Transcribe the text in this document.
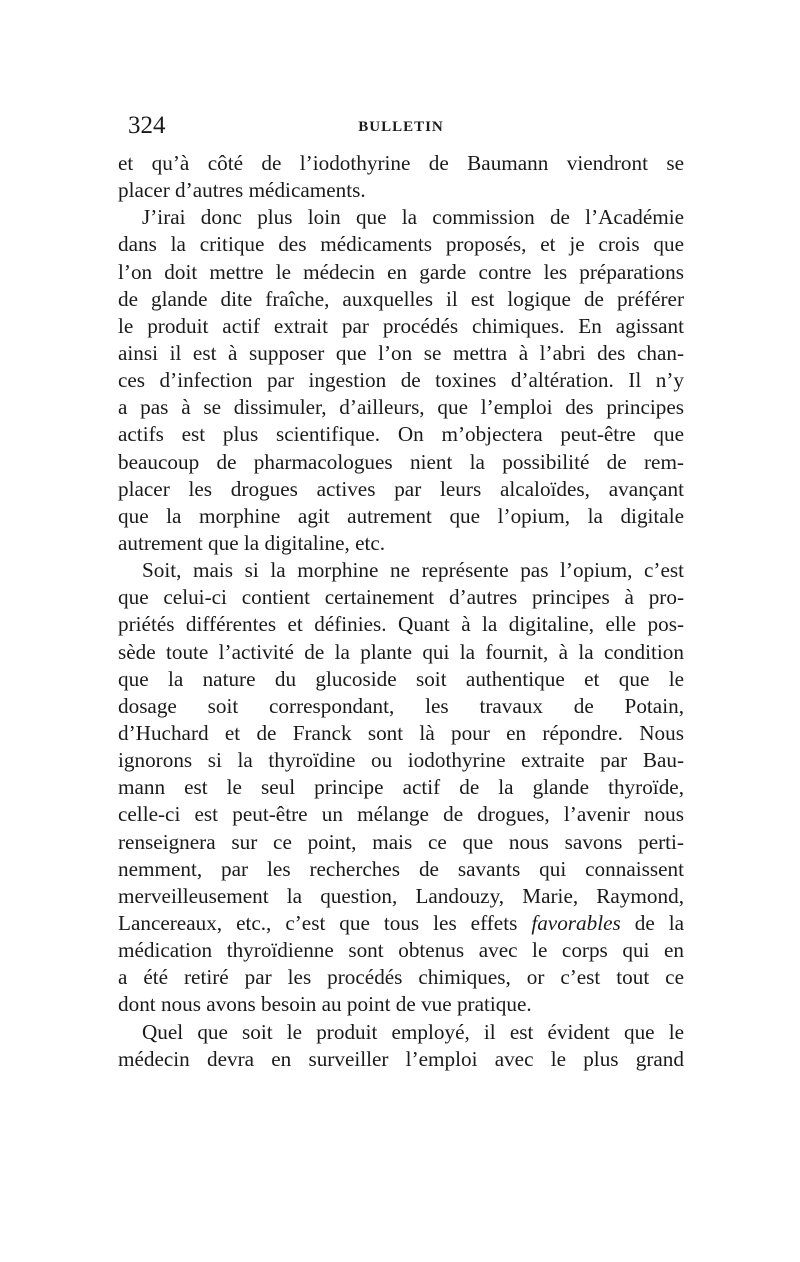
324	BULLETIN
et qu’à côté de l’iodothyrine de Baumann viendront se
placer d’autres médicaments.
J’irai donc plus loin que la commission de l’Académie
dans la critique des médicaments proposés, et je crois que
l’on doit mettre le médecin en garde contre les préparations
de glande dite fraîche, auxquelles il est logique de préférer
le produit actif extrait par procédés chimiques. En agissant
ainsi il est à supposer que l’on se mettra à l’abri des chan-
ces d’infection par ingestion de toxines d’altération. Il n’y
a pas à se dissimuler, d’ailleurs, que l’emploi des principes
actifs est plus scientifique. On m’objectera peut-être que
beaucoup de pharmacologues nient la possibilité de rem-
placer les drogues actives par leurs alcaloïdes, avançant
que la morphine agit autrement que l’opium, la digitale
autrement que la digitaline, etc.
Soit, mais si la morphine ne représente pas l’opium, c’est
que celui-ci contient certainement d’autres principes à pro-
priétés différentes et définies. Quant à la digitaline, elle pos-
sède toute l’activité de la plante qui la fournit, à la condition
que la nature du glucoside soit authentique et que le
dosage soit correspondant, les travaux de Potain,
d’Huchard et de Franck sont là pour en répondre. Nous
ignorons si la thyroïdine ou iodothyrine extraite par Bau-
mann est le seul principe actif de la glande thyroïde,
celle-ci est peut-être un mélange de drogues, l’avenir nous
renseignera sur ce point, mais ce que nous savons perti-
nemment, par les recherches de savants qui connaissent
merveilleusement la question, Landouzy, Marie, Raymond,
Lancereaux, etc., c’est que tous les effets favorables de la
médication thyroïdienne sont obtenus avec le corps qui en
a été retiré par les procédés chimiques, or c’est tout ce
dont nous avons besoin au point de vue pratique.
Quel que soit le produit employé, il est évident que le
médecin devra en surveiller l’emploi avec le plus grand
